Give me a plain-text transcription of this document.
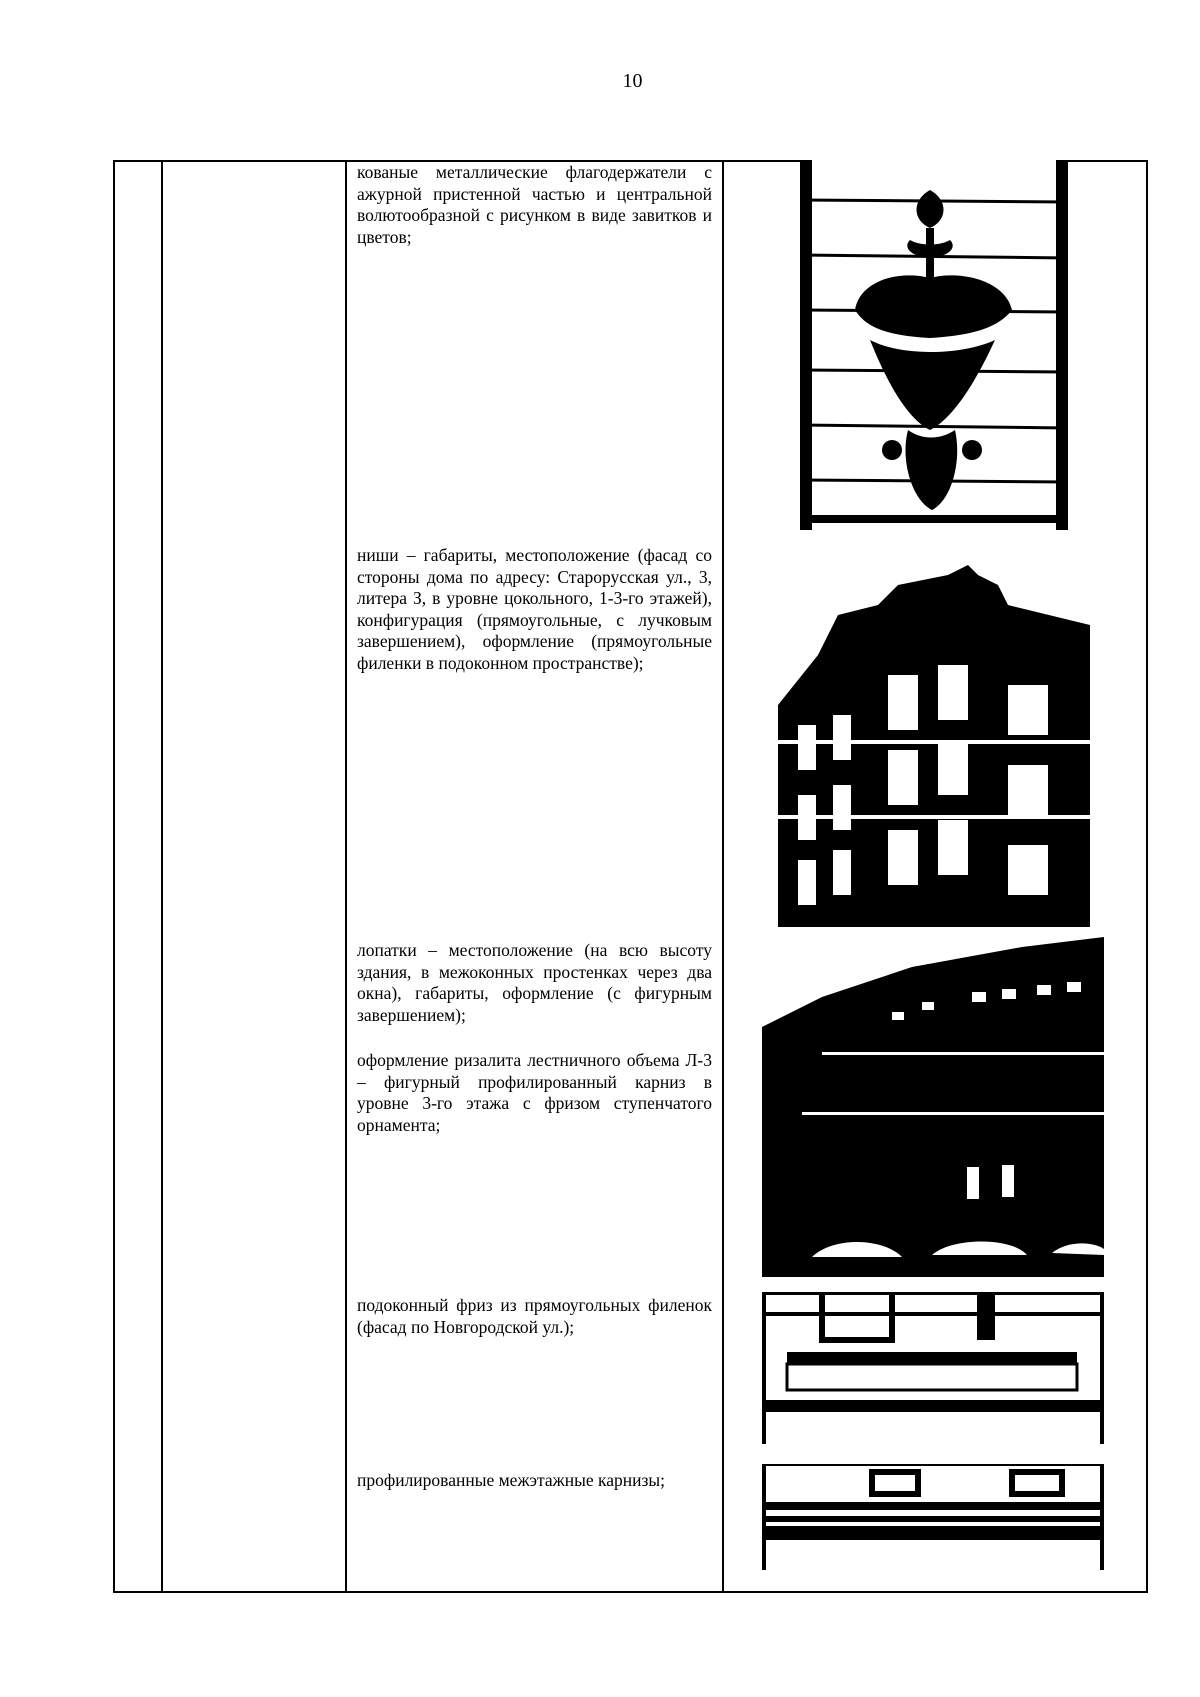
10
кованые металлические флагодержатели с ажурной пристенной частью и центральной волютообразной с рисунком в виде завитков и цветов;
ниши – габариты, местоположение (фасад со стороны дома по адресу: Старорусская ул., 3, литера З, в уровне цокольного, 1-3-го этажей), конфигурация (прямоугольные, с лучковым завершением), оформление (прямоугольные филенки в подоконном пространстве);
лопатки – местоположение (на всю высоту здания, в межоконных простенках через два окна), габариты, оформление (с фигурным завершением);
оформление ризалита лестничного объема Л-3 – фигурный профилированный карниз в уровне 3-го этажа с фризом ступенчатого орнамента;
подоконный фриз из прямоугольных филенок (фасад по Новгородской ул.);
профилированные межэтажные карнизы;
